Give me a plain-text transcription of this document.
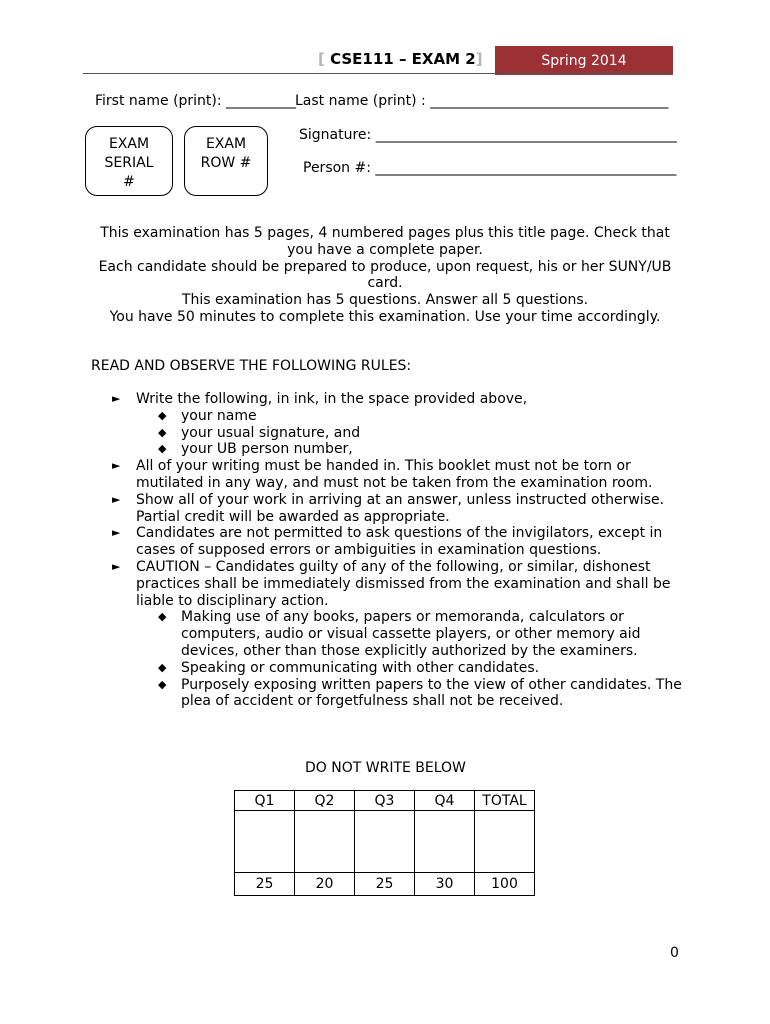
[ CSE111 – EXAM 2]	Spring 2014
First name (print): __________
Last name (print) : __________________________________
EXAM
SERIAL
#
EXAM
ROW #
Signature: ___________________________________________
Person #: ___________________________________________
This examination has 5 pages, 4 numbered pages plus this title page. Check that
you have a complete paper.
Each candidate should be prepared to produce, upon request, his or her SUNY/UB
card.
This examination has 5 questions. Answer all 5 questions.
You have 50 minutes to complete this examination. Use your time accordingly.
READ AND OBSERVE THE FOLLOWING RULES:
► Write the following, in ink, in the space provided above,
◆ your name
◆ your usual signature, and
◆ your UB person number,
► All of your writing must be handed in. This booklet must not be torn or mutilated in any way, and must not be taken from the examination room.
► Show all of your work in arriving at an answer, unless instructed otherwise. Partial credit will be awarded as appropriate.
► Candidates are not permitted to ask questions of the invigilators, except in cases of supposed errors or ambiguities in examination questions.
► CAUTION – Candidates guilty of any of the following, or similar, dishonest practices shall be immediately dismissed from the examination and shall be liable to disciplinary action.
◆ Making use of any books, papers or memoranda, calculators or computers, audio or visual cassette players, or other memory aid devices, other than those explicitly authorized by the examiners.
◆ Speaking or communicating with other candidates.
◆ Purposely exposing written papers to the view of other candidates. The plea of accident or forgetfulness shall not be received.
DO NOT WRITE BELOW
Q1	Q2	Q3	Q4	TOTAL

25	20	25	30	100
0
